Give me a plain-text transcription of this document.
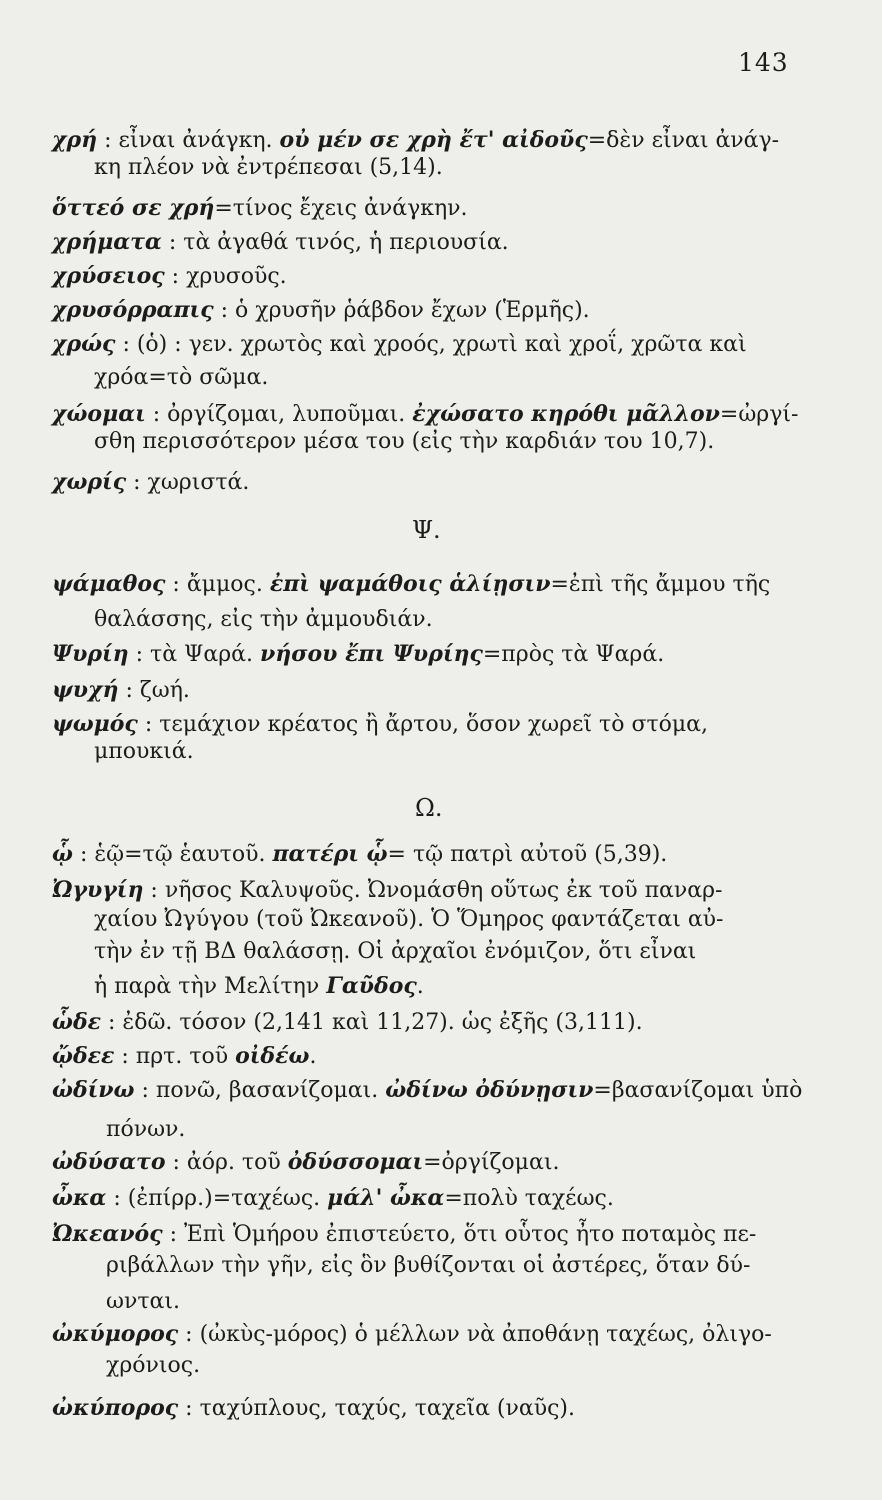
143
Ψ.
Ω.
χρή : εἶναι ἀνάγκη. οὐ μέν σε χρὴ ἔτ' αἰδοῦς=δὲν εἶναι ἀνάγ-
κη πλέον νὰ ἐντρέπεσαι (5,14).
ὅττεό σε χρή=τίνος ἔχεις ἀνάγκην.
χρήματα : τὰ ἀγαθά τινός, ἡ περιουσία.
χρύσειος : χρυσοῦς.
χρυσόρραπις : ὁ χρυσῆν ῥάβδον ἔχων (Ἑρμῆς).
χρώς : (ὁ) : γεν. χρωτὸς καὶ χροός, χρωτὶ καὶ χροΐ, χρῶτα καὶ
χρόα=τὸ σῶμα.
χώομαι : ὀργίζομαι, λυποῦμαι. ἐχώσατο κηρόθι μᾶλλον=ὠργί-
σθη περισσότερον μέσα του (εἰς τὴν καρδιάν του 10,7).
χωρίς : χωριστά.
ψάμαθος : ἄμμος. ἐπὶ ψαμάθοις ἁλίῃσιν=ἐπὶ τῆς ἄμμου τῆς
θαλάσσης, εἰς τὴν ἀμμουδιάν.
Ψυρίη : τὰ Ψαρά. νήσου ἔπι Ψυρίης=πρὸς τὰ Ψαρά.
ψυχή : ζωή.
ψωμός : τεμάχιον κρέατος ἢ ἄρτου, ὅσον χωρεῖ τὸ στόμα,
μπουκιά.
ᾧ : ἑῷ=τῷ ἑαυτοῦ. πατέρι ᾧ= τῷ πατρὶ αὐτοῦ (5,39).
Ὠγυγίη : νῆσος Καλυψοῦς. Ὠνομάσθη οὕτως ἐκ τοῦ παναρ-
χαίου Ὠγύγου (τοῦ Ὠκεανοῦ). Ὁ Ὅμηρος φαντάζεται αὐ-
τὴν ἐν τῇ ΒΔ θαλάσσῃ. Οἱ ἀρχαῖοι ἐνόμιζον, ὅτι εἶναι
ἡ παρὰ τὴν Μελίτην Γαῦδος.
ὧδε : ἐδῶ. τόσον (2,141 καὶ 11,27). ὡς ἐξῆς (3,111).
ᾤδεε : πρτ. τοῦ οἰδέω.
ὠδίνω : πονῶ, βασανίζομαι. ὠδίνω ὀδύνῃσιν=βασανίζομαι ὑπὸ
πόνων.
ὠδύσατο : ἀόρ. τοῦ ὀδύσσομαι=ὀργίζομαι.
ὦκα : (ἐπίρρ.)=ταχέως. μάλ' ὦκα=πολὺ ταχέως.
Ὠκεανός : Ἐπὶ Ὁμήρου ἐπιστεύετο, ὅτι οὗτος ἦτο ποταμὸς πε-
ριβάλλων τὴν γῆν, εἰς ὃν βυθίζονται οἱ ἀστέρες, ὅταν δύ-
ωνται.
ὠκύμορος : (ὠκὺς-μόρος) ὁ μέλλων νὰ ἀποθάνῃ ταχέως, ὀλιγο-
χρόνιος.
ὠκύπορος : ταχύπλους, ταχύς, ταχεῖα (ναῦς).
